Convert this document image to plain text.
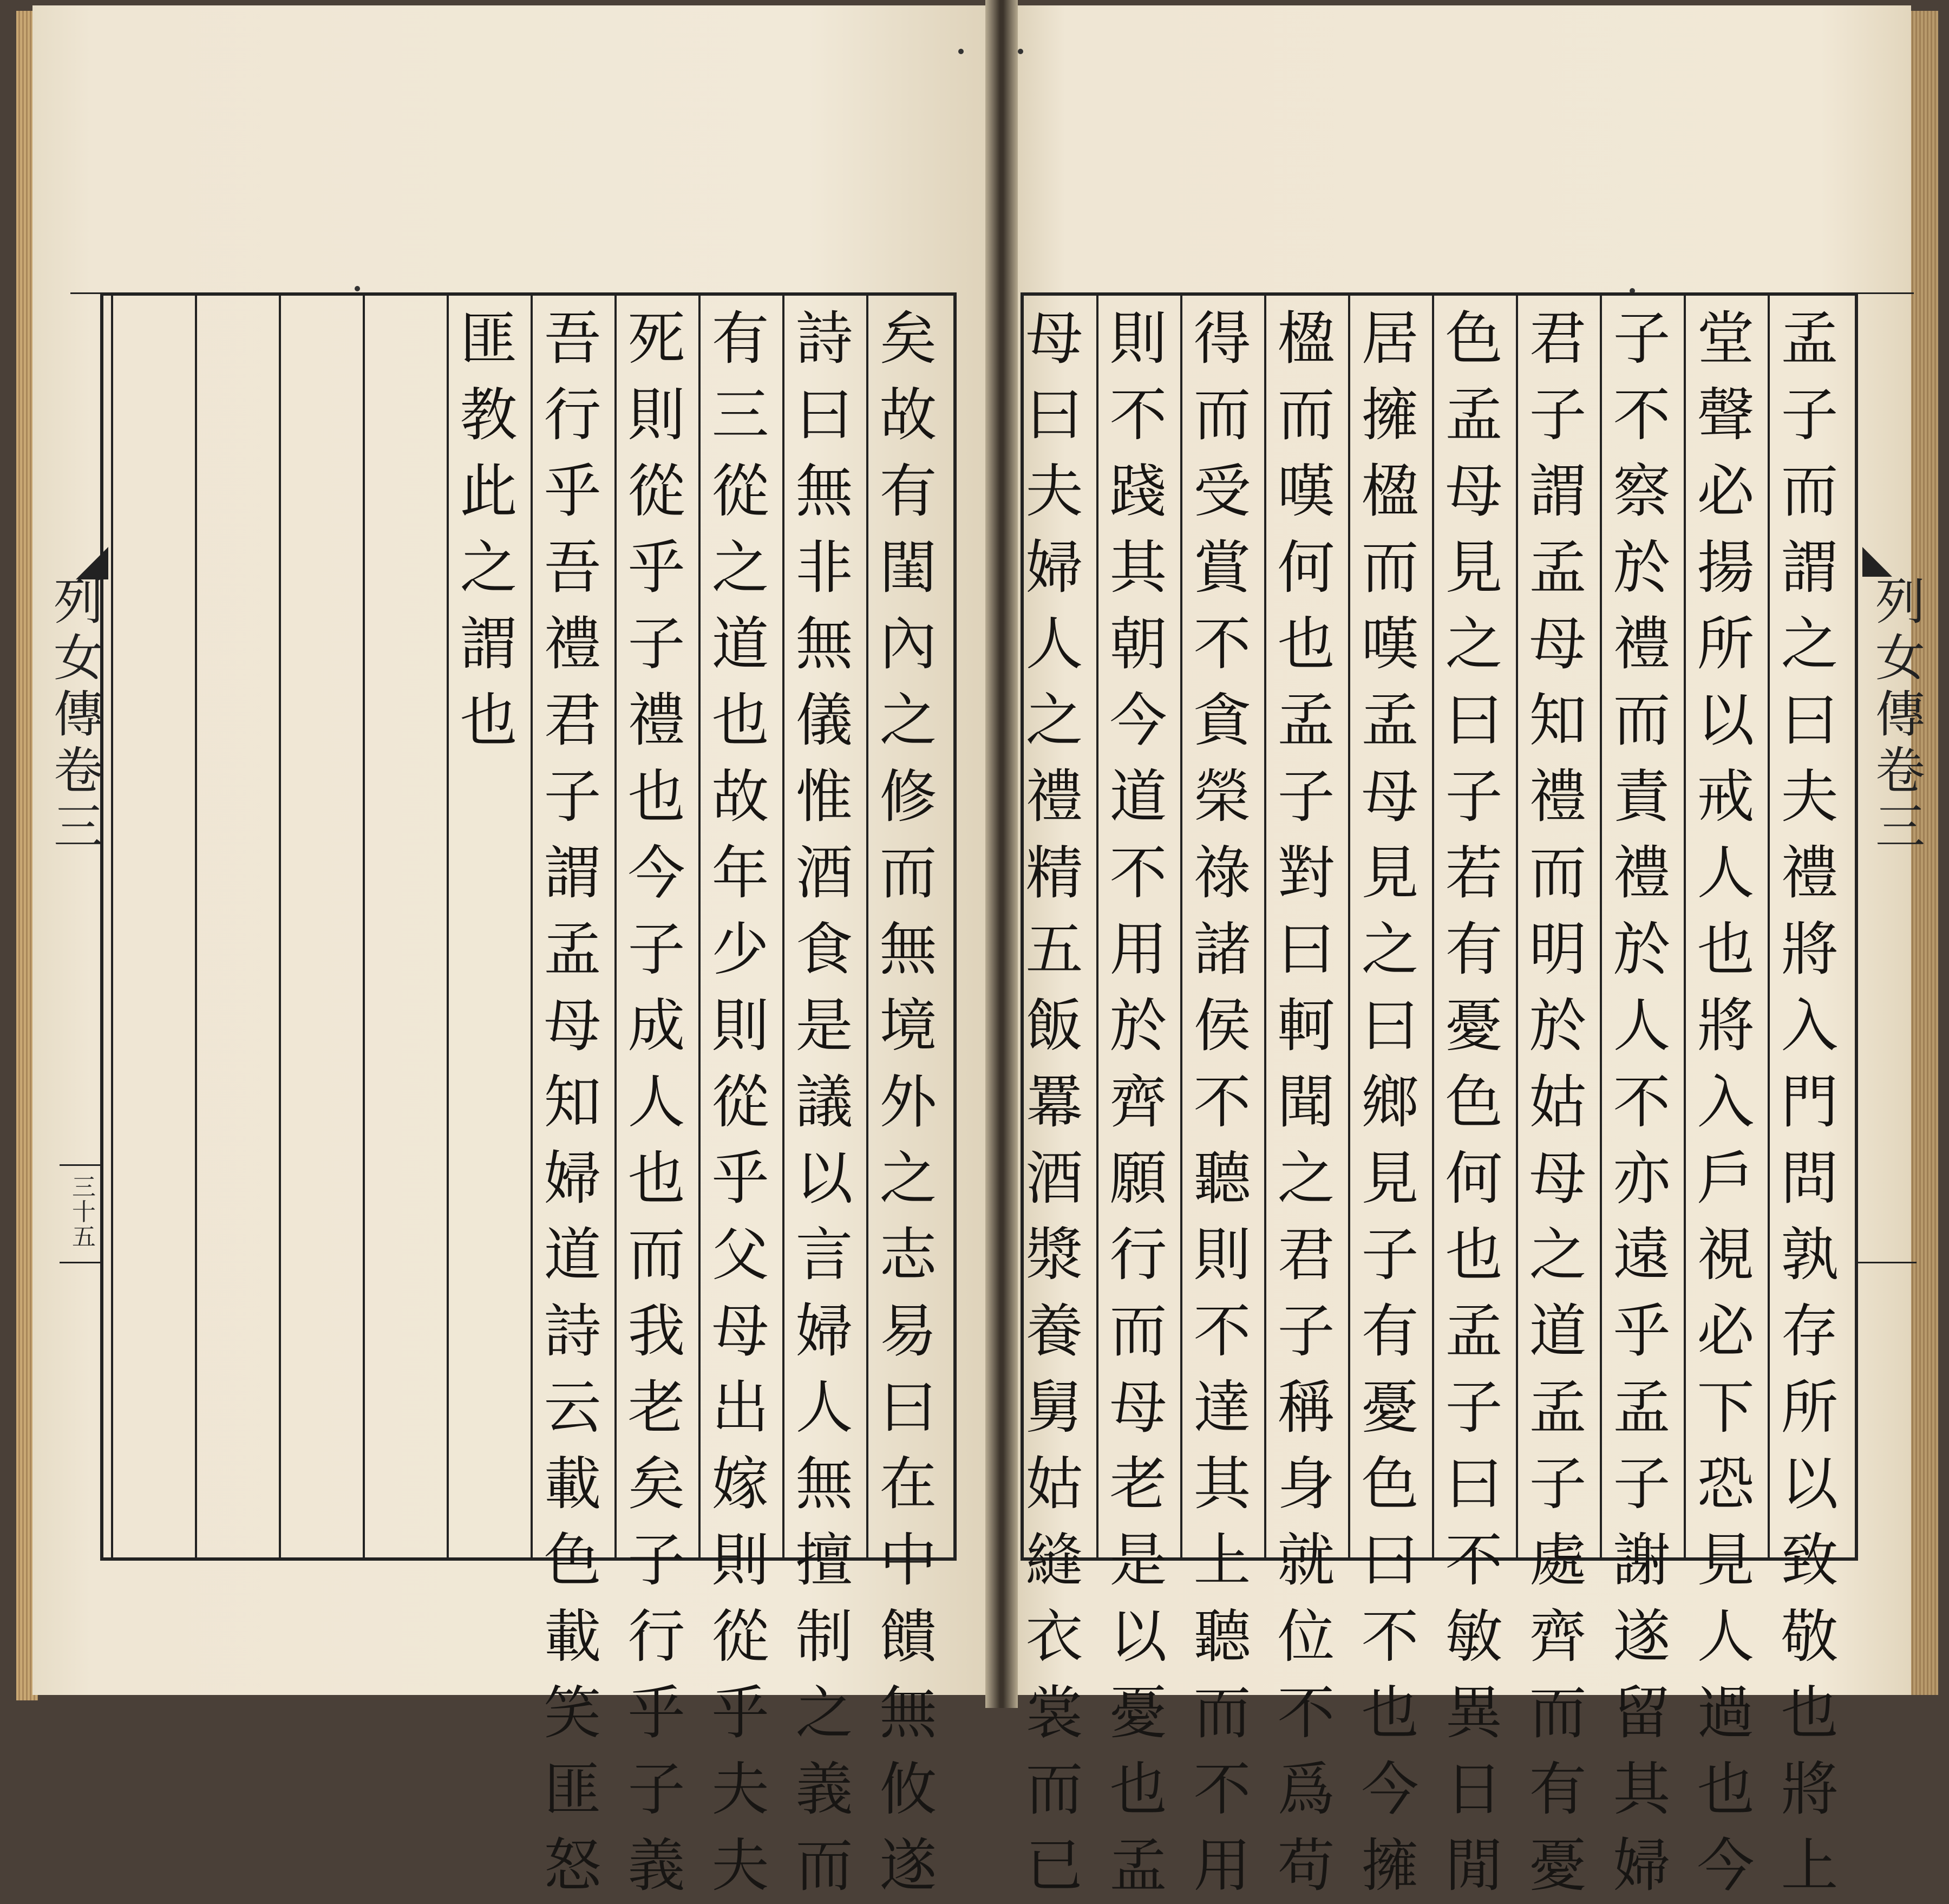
孟
子
而
謂
之
曰
夫
禮
將
入
門
問
孰
存
所
以
致
敬
也
將
上
堂
聲
必
揚
所
以
戒
人
也
將
入
戶
視
必
下
恐
見
人
過
也
今
子
不
察
於
禮
而
責
禮
於
人
不
亦
遠
乎
孟
子
謝
遂
留
其
婦
君
子
謂
孟
母
知
禮
而
明
於
姑
母
之
道
孟
子
處
齊
而
有
憂
色
孟
母
見
之
曰
子
若
有
憂
色
何
也
孟
子
曰
不
敏
異
日
閒
居
擁
楹
而
嘆
孟
母
見
之
曰
鄉
見
子
有
憂
色
曰
不
也
今
擁
楹
而
嘆
何
也
孟
子
對
曰
軻
聞
之
君
子
稱
身
就
位
不
爲
苟
得
而
受
賞
不
貪
榮
祿
諸
侯
不
聽
則
不
達
其
上
聽
而
不
用
則
不
踐
其
朝
今
道
不
用
於
齊
願
行
而
母
老
是
以
憂
也
孟
母
曰
夫
婦
人
之
禮
精
五
飯
羃
酒
漿
養
舅
姑
縫
衣
裳
而
已
列
女
傳
卷
三
矣
故
有
閨
內
之
修
而
無
境
外
之
志
易
曰
在
中
饋
無
攸
遂
詩
曰
無
非
無
儀
惟
酒
食
是
議
以
言
婦
人
無
擅
制
之
義
而
有
三
從
之
道
也
故
年
少
則
從
乎
父
母
出
嫁
則
從
乎
夫
夫
死
則
從
乎
子
禮
也
今
子
成
人
也
而
我
老
矣
子
行
乎
子
義
吾
行
乎
吾
禮
君
子
謂
孟
母
知
婦
道
詩
云
載
色
載
笑
匪
怒
匪
教
此
之
謂
也
列
女
傳
卷
三
三
十
五
